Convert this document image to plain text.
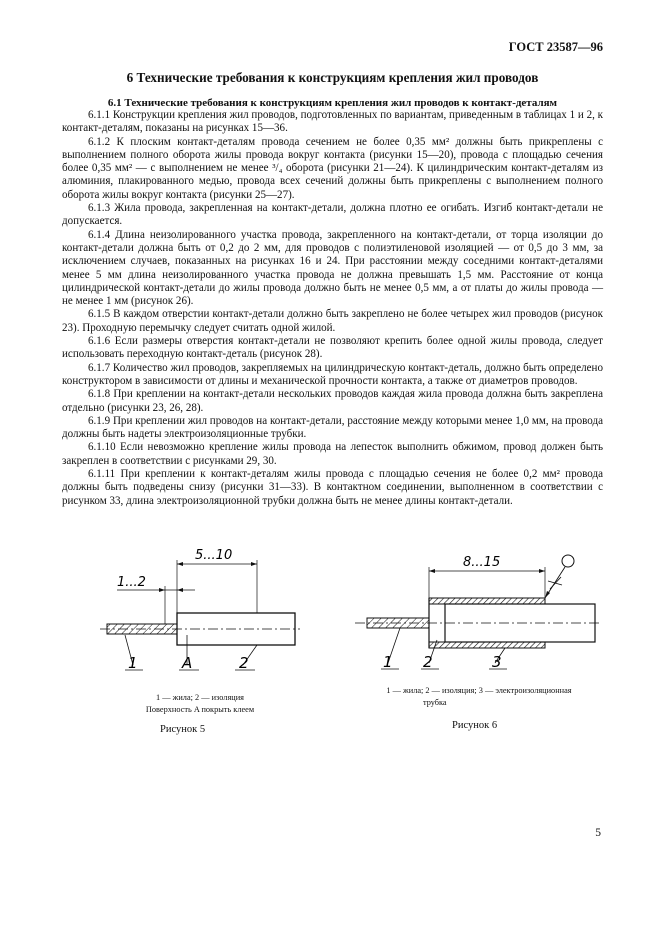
ГОСТ 23587—96
6 Технические требования к конструкциям крепления жил проводов
6.1 Технические требования к конструкциям крепления жил проводов к контакт-деталям

6.1.1 Конструкции крепления жил проводов, подготовленных по вариантам, приведенным в таблицах 1 и 2, к контакт-деталям, показаны на рисунках 15—36.

6.1.2 К плоским контакт-деталям провода сечением не более 0,35 мм² должны быть прикреплены с выполнением полного оборота жилы провода вокруг контакта (рисунки 15—20), провода с площадью сечения более 0,35 мм² — с выполнением не менее ³/₄ оборота (рисунки 21—24). К цилиндрическим контакт-деталям из алюминия, плакированного медью, провода всех сечений должны быть прикреплены с выполнением полного оборота жилы вокруг контакта (рисунки 25—27).

6.1.3 Жила провода, закрепленная на контакт-детали, должна плотно ее огибать. Изгиб контакт-детали не допускается.

6.1.4 Длина неизолированного участка провода, закрепленного на контакт-детали, от торца изоляции до контакт-детали должна быть от 0,2 до 2 мм, для проводов с полиэтиленовой изоляцией — от 0,5 до 3 мм, за исключением случаев, показанных на рисунках 16 и 24. При расстоянии между соседними контакт-деталями менее 5 мм длина неизолированного участка провода не должна превышать 1,5 мм. Расстояние от конца цилиндрической контакт-детали до жилы провода должно быть не менее 0,5 мм, а от платы до жилы провода — не менее 1 мм (рисунок 26).

6.1.5 В каждом отверстии контакт-детали должно быть закреплено не более четырех жил проводов (рисунок 23). Проходную перемычку следует считать одной жилой.

6.1.6 Если размеры отверстия контакт-детали не позволяют крепить более одной жилы провода, следует использовать переходную контакт-деталь (рисунок 28).

6.1.7 Количество жил проводов, закрепляемых на цилиндрическую контакт-деталь, должно быть определено конструктором в зависимости от длины и механической прочности контакта, а также от диаметров проводов.

6.1.8 При креплении на контакт-детали нескольких проводов каждая жила провода должна быть закреплена отдельно (рисунки 23, 26, 28).

6.1.9 При креплении жил проводов на контакт-детали, расстояние между которыми менее 1,0 мм, на провода должны быть надеты электроизоляционные трубки.

6.1.10 Если невозможно крепление жилы провода на лепесток выполнить обжимом, провод должен быть закреплен в соответствии с рисунками 29, 30.

6.1.11 При креплении к контакт-деталям жилы провода с площадью сечения не более 0,2 мм² провода должны быть подведены снизу (рисунки 31—33). В контактном соединении, выполненном в соответствии с рисунком 33, длина электроизоляционной трубки должна быть не менее длины контакт-детали.

5...10
1...2
1	A	2
1 — жила; 2 — изоляция
Поверхность A покрыть клеем
Рисунок 5
8...15
1 2	3
1 — жила; 2 — изоляция; 3 — электроизоляционная
трубка
Рисунок 6
5
